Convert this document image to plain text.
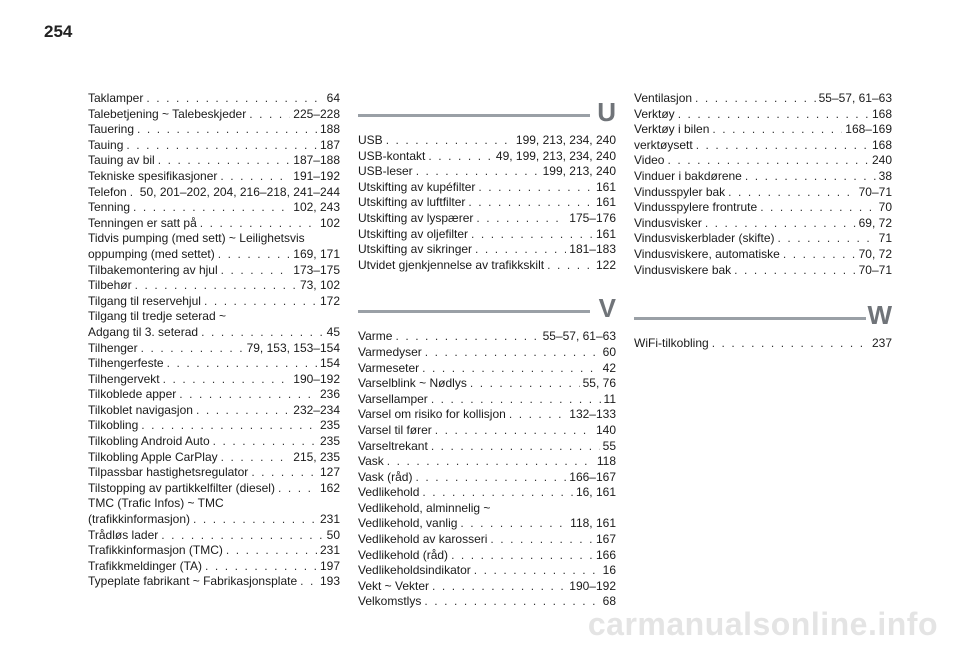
254
Taklamper . . .	64
Talebetjening ~ Talebeskjeder . . .	225–228
Tauering . . .	188
Tauing . . .	187
Tauing av bil . . .	187–188
Tekniske spesifikasjoner . . .	191–192
Telefon . . . 50, 201–202, 204, 216–218, 241–244
Tenning . . .	102, 243
Tenningen er satt på . . .	102
Tidvis pumping (med sett) ~ Leilighetsvis
oppumping (med settet) . . .	169, 171
Tilbakemontering av hjul . . .	173–175
Tilbehør . . .	73, 102
Tilgang til reservehjul . . .	172
Tilgang til tredje seterad ~
Adgang til 3. seterad . . .	45
Tilhenger . . .	79, 153, 153–154
Tilhengerfeste . . .	154
Tilhengervekt . . .	190–192
Tilkoblede apper . . .	236
Tilkoblet navigasjon . . .	232–234
Tilkobling . . .	235
Tilkobling Android Auto . . .	235
Tilkobling Apple CarPlay . . .	215, 235
Tilpassbar hastighetsregulator . . .	127
Tilstopping av partikkelfilter (diesel) . . .	162
TMC (Trafic Infos) ~ TMC
(trafikkinformasjon) . . .	231
Trådløs lader . . .	50
Trafikkinformasjon (TMC) . . .	231
Trafikkmeldinger (TA) . . .	197
Typeplate fabrikant ~ Fabrikasjonsplate . . . 193
U
USB . . .	199, 213, 234, 240
USB-kontakt . . .	49, 199, 213, 234, 240
USB-leser . . .	199, 213, 240
Utskifting av kupéfilter . . .	161
Utskifting av luftfilter . . .	161
Utskifting av lyspærer . . .	175–176
Utskifting av oljefilter . . .	161
Utskifting av sikringer . . .	181–183
Utvidet gjenkjennelse av trafikkskilt . . .	122
V
Varme . . .	55–57, 61–63
Varmedyser . . .	60
Varmeseter . . .	42
Varselblink ~ Nødlys . . .	55, 76
Varsellamper . . .	11
Varsel om risiko for kollisjon . . .	132–133
Varsel til fører . . .	140
Varseltrekant . . .	55
Vask . . .	118
Vask (råd) . . .	166–167
Vedlikehold . . .	16, 161
Vedlikehold, alminnelig ~
Vedlikehold, vanlig . . .	118, 161
Vedlikehold av karosseri . . .	167
Vedlikehold (råd) . . .	166
Vedlikeholdsindikator . . .	16
Vekt ~ Vekter . . .	190–192
Velkomstlys . . .	68
Ventilasjon . . .	55–57, 61–63
Verktøy . . .	168
Verktøy i bilen . . .	168–169
verktøysett . . .	168
Video . . .	240
Vinduer i bakdørene . . .	38
Vindusspyler bak . . .	70–71
Vindusspylere frontrute . . .	70
Vindusvisker . . .	69, 72
Vindusviskerblader (skifte) . . .	71
Vindusviskere, automatiske . . .	70, 72
Vindusviskere bak . . .	70–71
W
WiFi-tilkobling . . .	237
carmanualsonline.info
